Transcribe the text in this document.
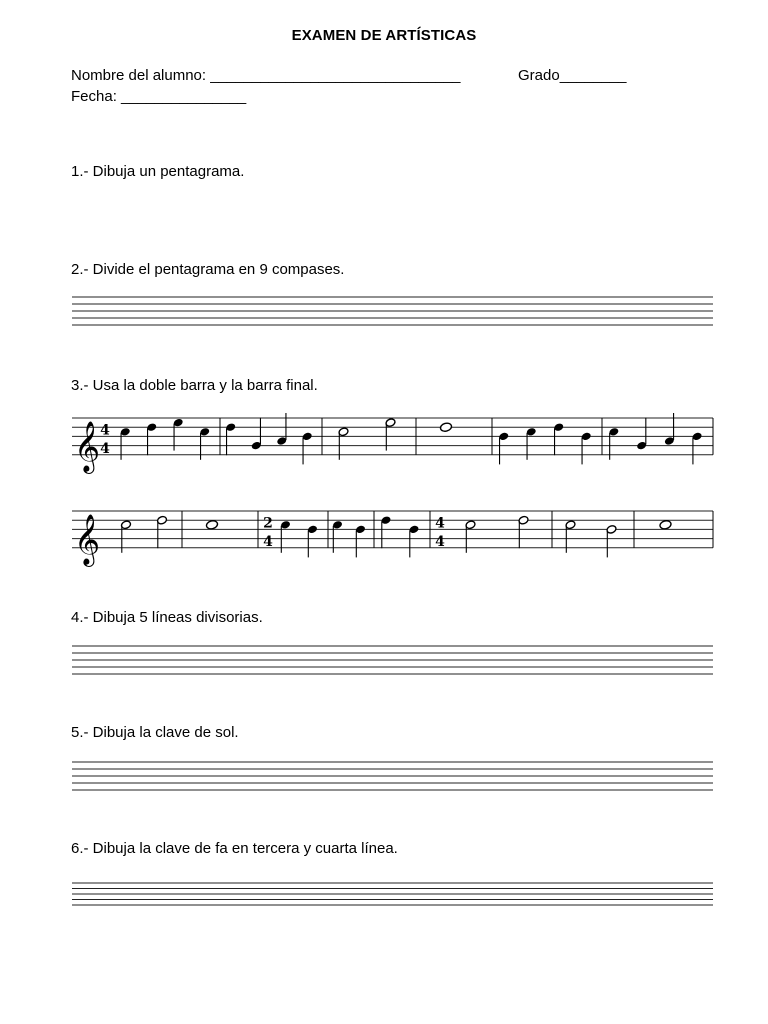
EXAMEN DE ARTÍSTICAS
Nombre del alumno: ______________________________	Grado________
Fecha: _______________
1.- Dibuja un pentagrama.
2.- Divide el pentagrama en 9 compases.
3.- Usa la doble barra y la barra final.
𝄞 4
4
𝄞	2
4
4
4
4.- Dibuja 5 líneas divisorias.
5.- Dibuja la clave de sol.
6.- Dibuja la clave de fa en tercera y cuarta línea.
